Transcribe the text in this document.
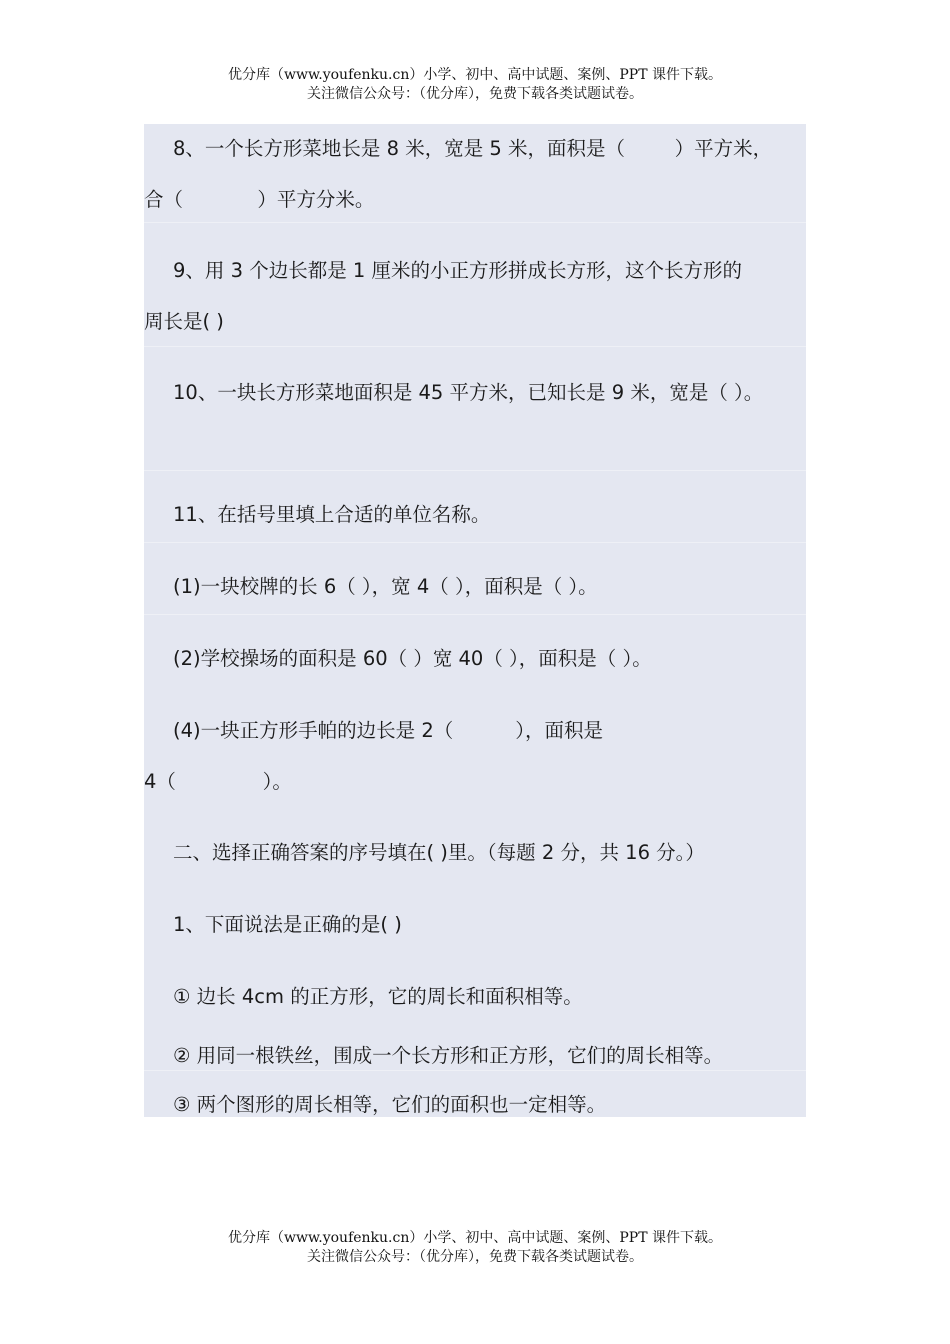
优分库（www.youfenku.cn）小学、初中、高中试题、案例、PPT 课件下载。
关注微信公众号：（优分库），免费下载各类试题试卷。
8、一个长方形菜地长是 8 米，宽是 5 米，面积是（        ）平方米，
合（            ）平方分米。
9、用 3 个边长都是 1 厘米的小正方形拼成长方形，这个长方形的
周长是( )
10、一块长方形菜地面积是 45 平方米，已知长是 9 米，宽是（ ）。
11、在括号里填上合适的单位名称。
(1)一块校牌的长 6（ ），宽 4（ ），面积是（ ）。
(2)学校操场的面积是 60（ ）宽 40（ ），面积是（ ）。
(4)一块正方形手帕的边长是 2（          ），面积是
4（              ）。
二、选择正确答案的序号填在( )里。（每题 2 分，共 16 分。）
1、下面说法是正确的是( )
① 边长 4cm 的正方形，它的周长和面积相等。
② 用同一根铁丝，围成一个长方形和正方形，它们的周长相等。
③ 两个图形的周长相等，它们的面积也一定相等。
优分库（www.youfenku.cn）小学、初中、高中试题、案例、PPT 课件下载。
关注微信公众号：（优分库），免费下载各类试题试卷。
